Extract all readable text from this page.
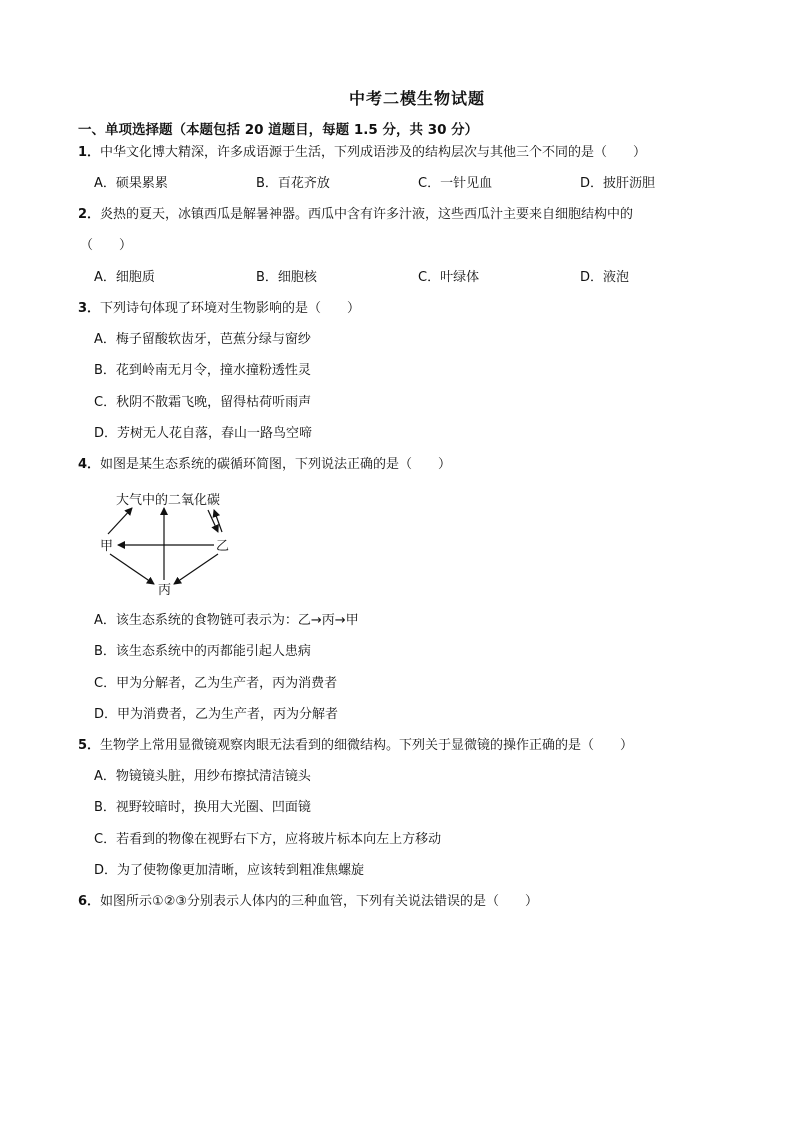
中考二模生物试题
一、单项选择题（本题包括 20 道题目，每题 1.5 分，共 30 分）
1．中华文化博大精深，许多成语源于生活，下列成语涉及的结构层次与其他三个不同的是（　　）
A．硕果累累	B．百花齐放	C．一针见血	D．披肝沥胆
2．炎热的夏天，冰镇西瓜是解暑神器。西瓜中含有许多汁液，这些西瓜汁主要来自细胞结构中的
（　　）
A．细胞质	B．细胞核	C．叶绿体	D．液泡
3．下列诗句体现了环境对生物影响的是（　　）
A．梅子留酸软齿牙，芭蕉分绿与窗纱
B．花到岭南无月令，撞水撞粉透性灵
C．秋阴不散霜飞晚，留得枯荷听雨声
D．芳树无人花自落，春山一路鸟空啼
4．如图是某生态系统的碳循环简图，下列说法正确的是（　　）
大气中的二氧化碳
甲	乙
丙
A．该生态系统的食物链可表示为：乙→丙→甲
B．该生态系统中的丙都能引起人患病
C．甲为分解者，乙为生产者，丙为消费者
D．甲为消费者，乙为生产者，丙为分解者
5．生物学上常用显微镜观察肉眼无法看到的细微结构。下列关于显微镜的操作正确的是（　　）
A．物镜镜头脏，用纱布擦拭清洁镜头
B．视野较暗时，换用大光圈、凹面镜
C．若看到的物像在视野右下方，应将玻片标本向左上方移动
D．为了使物像更加清晰，应该转到粗准焦螺旋
6．如图所示①②③分别表示人体内的三种血管，下列有关说法错误的是（　　）
